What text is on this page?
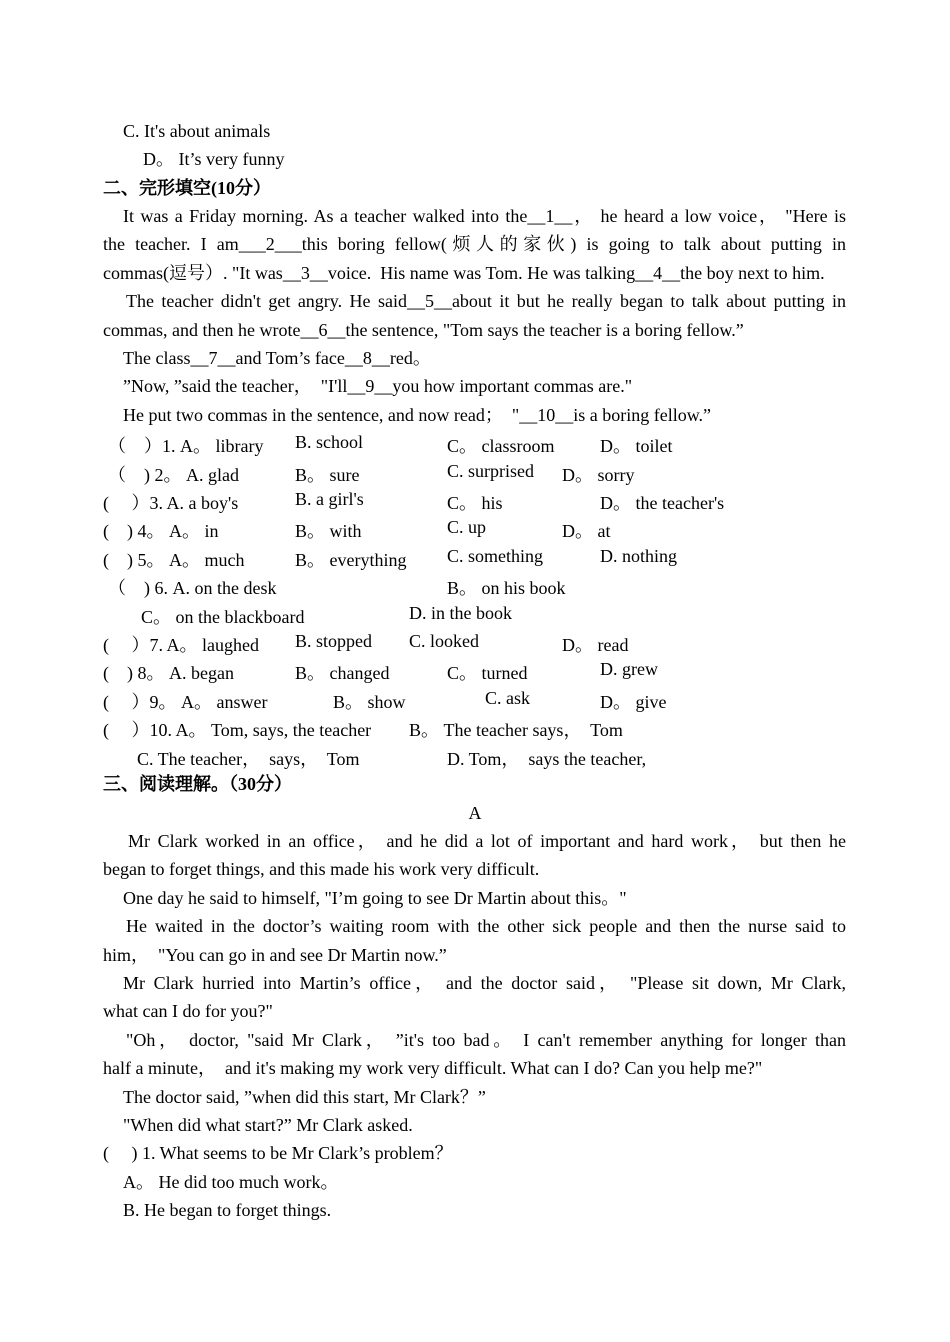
C. It's about animals
D。 It’s very funny
二、完形填空(10分）
It was a Friday morning. As a teacher walked into the__1__， he heard a low voice， "Here is
the teacher. I am___2___this boring fellow(烦人的家伙) is going to talk about putting in
commas(逗号）. "It was__3__voice.  His name was Tom. He was talking__4__the boy next to him.
The teacher didn't get angry. He said__5__about it but he really began to talk about putting in
commas, and then he wrote__6__the sentence, "Tom says the teacher is a boring fellow.”
The class__7__and Tom’s face__8__red。
”Now, ”said the teacher，  "I'll__9__you how important commas are."
He put two commas in the sentence, and now read；  "__10__is a boring fellow.”
（    ）1. A。 library B. school	C。 classroom	D。 toilet
（    ) 2。 A. glad	B。 sure	C. surprised D。 sorry
(     ）3. A. a boy's	B. a girl's	C。 his	D。 the teacher's
(    ) 4。 A。 in	B。 with	C. up	D。 at
(    ) 5。 A。 much	B。 everything C. something	D. nothing
（    ) 6. A. on the desk	B。 on his book
C。 on the blackboard	D. in the book
(     ）7. A。 laughed B. stopped C. looked	D。 read
(    ) 8。 A. began	B。 changed	C。 turned	D. grew
(     ）9。 A。 answer	B。 show	C. ask	D。 give
(     ）10. A。 Tom, says, the teacher B。 The teacher says，  Tom
C. The teacher，  says，  Tom	D. Tom，  says the teacher,
三、阅读理解。（30分）
A
Mr Clark worked in an office， and he did a lot of important and hard work， but then he
began to forget things, and this made his work very difficult.
One day he said to himself, "I’m going to see Dr Martin about this。"
He waited in the doctor’s waiting room with the other sick people and then the nurse said to
him，  "You can go in and see Dr Martin now.”
Mr Clark hurried into Martin’s office， and the doctor said， "Please sit down, Mr Clark,
what can I do for you?"
"Oh， doctor, "said Mr Clark， ”it's too bad。 I can't remember anything for longer than
half a minute，  and it's making my work very difficult. What can I do? Can you help me?"
The doctor said, ”when did this start, Mr Clark？”
"When did what start?” Mr Clark asked.
(     ) 1. What seems to be Mr Clark’s problem？
A。 He did too much work。
B. He began to forget things.
